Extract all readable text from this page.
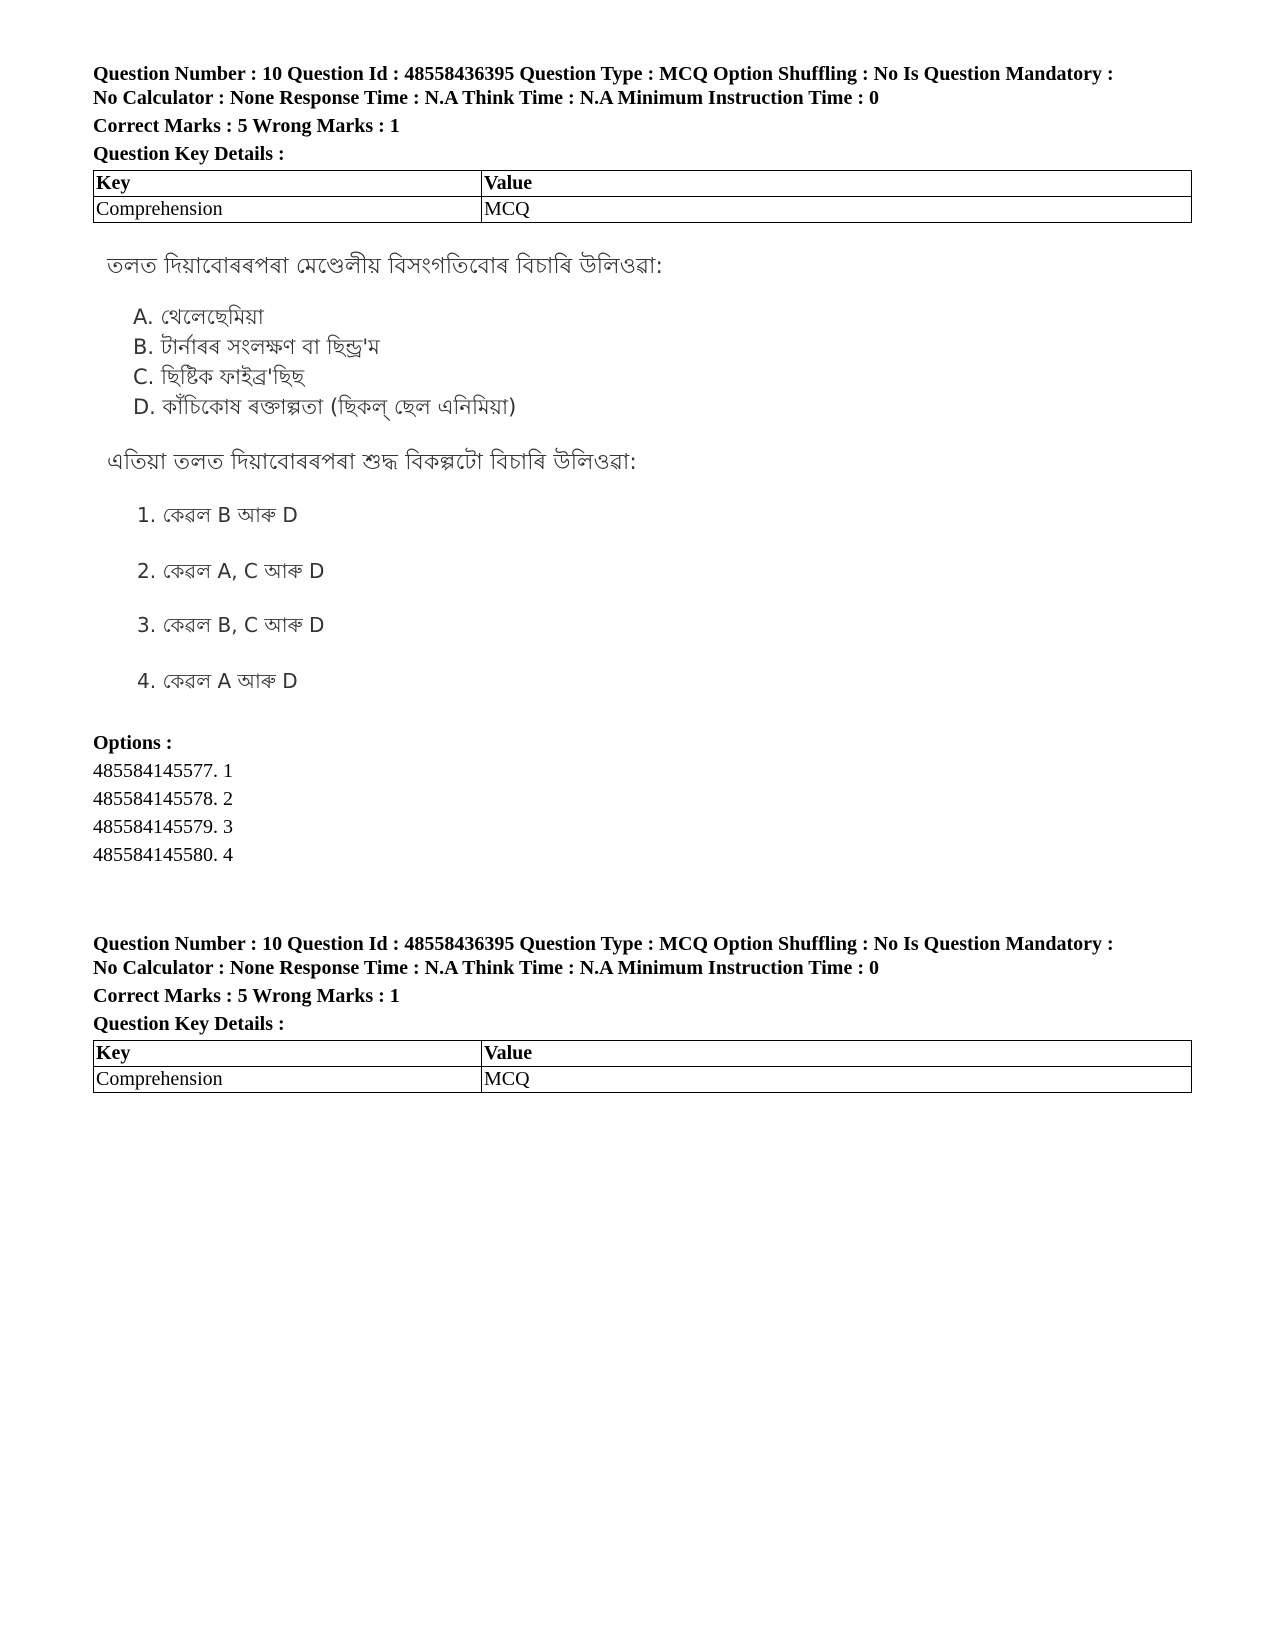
Question Number : 10 Question Id : 48558436395 Question Type : MCQ Option Shuffling : No Is Question Mandatory :

No Calculator : None Response Time : N.A Think Time : N.A Minimum Instruction Time : 0

Correct Marks : 5 Wrong Marks : 1
Question Key Details :
Key	Value
Comprehension	MCQ
তলত দিয়াবোৰৰপৰা মেণ্ডেলীয় বিসংগতিবোৰ বিচাৰি উলিওৱা:
A. থেলেছেমিয়া
B. টাৰ্নাৰৰ সংলক্ষণ বা ছিন্ড্ৰ'ম
C. ছিষ্টিক ফাইব্ৰ'ছিছ
D. কাঁচিকোষ ৰক্তাল্পতা (ছিকল্ ছেল এনিমিয়া)
এতিয়া তলত দিয়াবোৰৰপৰা শুদ্ধ বিকল্পটো বিচাৰি উলিওৱা:
1. কেৱল B আৰু D
2. কেৱল A, C আৰু D
3. কেৱল B, C আৰু D
4. কেৱল A আৰু D
Options :
485584145577. 1
485584145578. 2
485584145579. 3
485584145580. 4

Question Number : 10 Question Id : 48558436395 Question Type : MCQ Option Shuffling : No Is Question Mandatory :

No Calculator : None Response Time : N.A Think Time : N.A Minimum Instruction Time : 0

Correct Marks : 5 Wrong Marks : 1
Question Key Details :
Key	Value
Comprehension	MCQ
